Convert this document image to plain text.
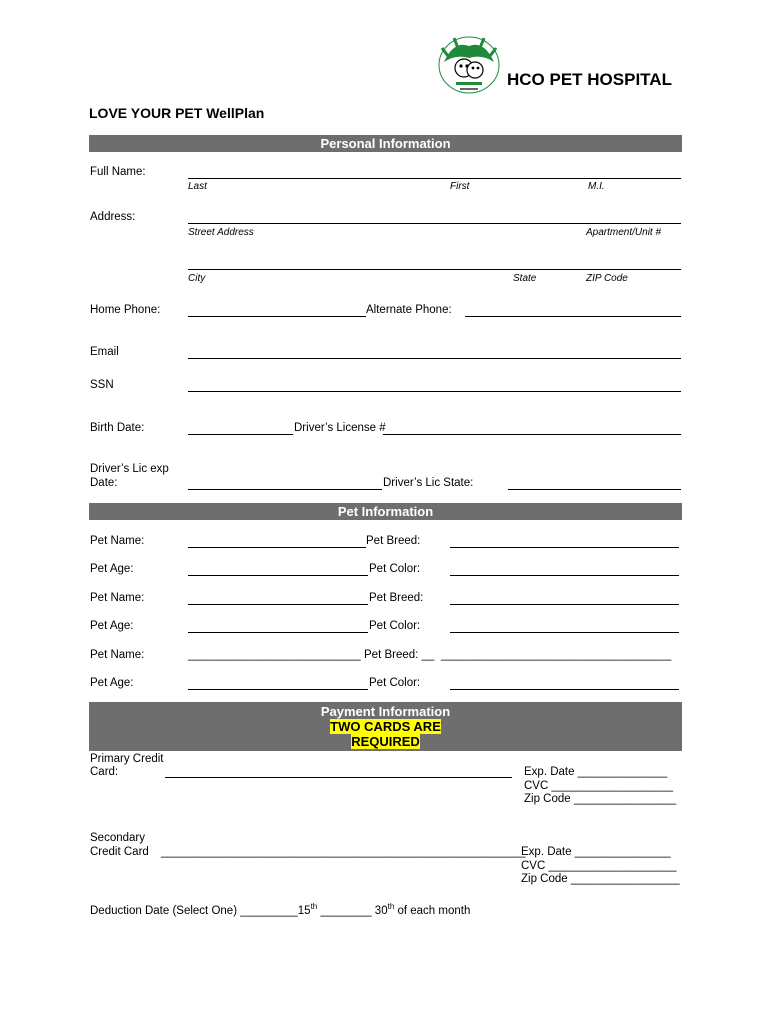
HCO PET HOSPITAL
LOVE YOUR PET WellPlan
Personal Information
Full Name:
Last	First	M.I.
Address:
Street Address	Apartment/Unit #
City	State	ZIP Code
Home Phone:	Alternate Phone:
Email
SSN
Birth Date:	Driver’s License #
Driver’s Lic exp
Date:	Driver’s Lic State:
Pet Information
Pet Name:	Pet Breed:
Pet Age:	Pet Color:
Pet Name:	Pet Breed:
Pet Age:	Pet Color:
Pet Name:	___________________________ Pet Breed: __ ____________________________________
Pet Age:	Pet Color:
Payment Information
TWO CARDS ARE
REQUIRED
Primary Credit
Card:	Exp. Date ______________
CVC ___________________
Zip Code ________________
Secondary
Credit Card _________________________________________________________
Exp. Date _______________
CVC ____________________
Zip Code _________________
Deduction Date (Select One) _________15th ________ 30th of each month
